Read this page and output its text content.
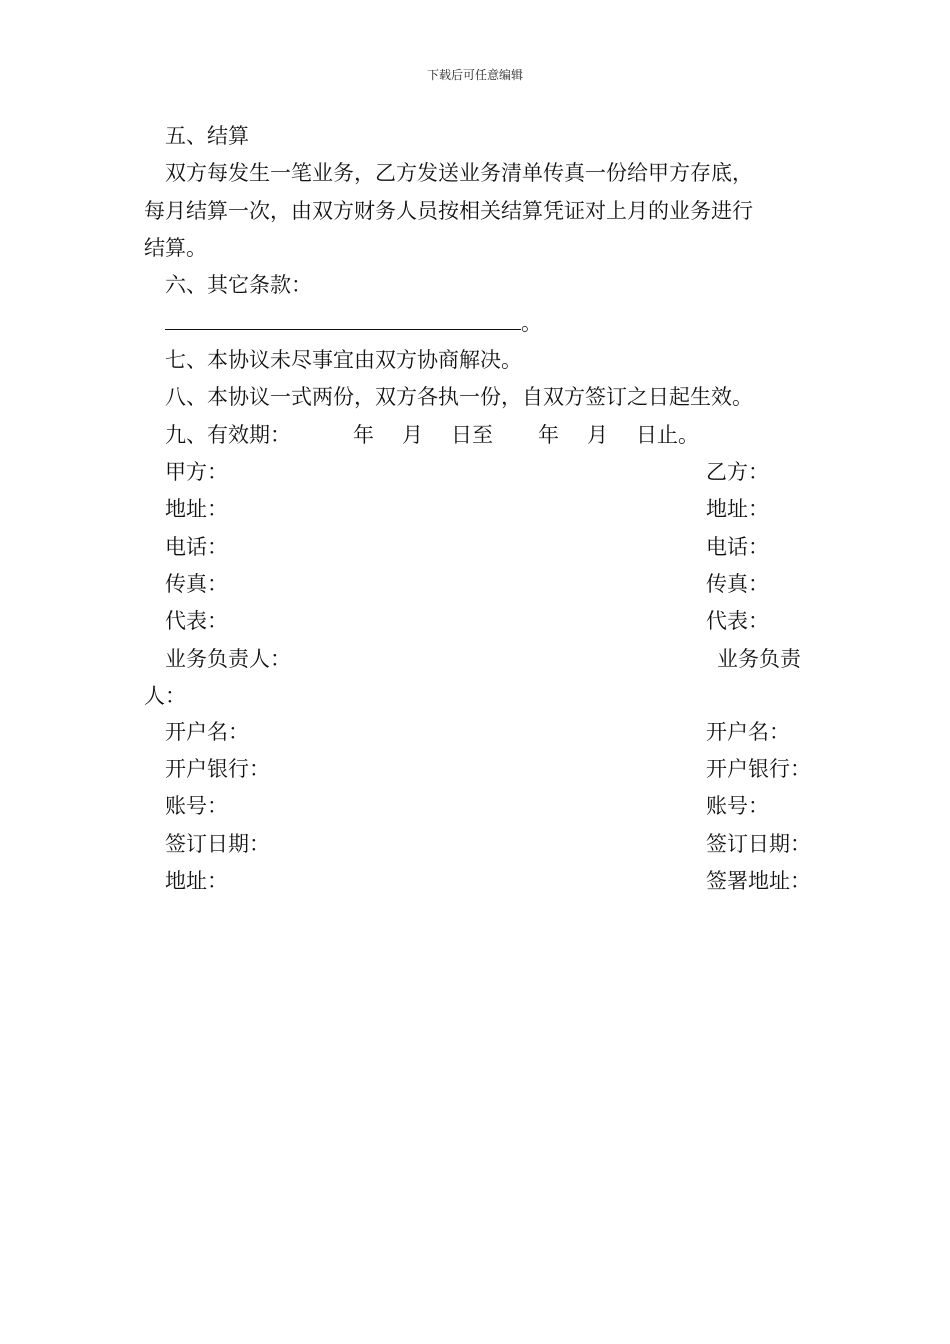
下载后可任意编辑
五、结算
双方每发生一笔业务，乙方发送业务清单传真一份给甲方存底，
每月结算一次，由双方财务人员按相关结算凭证对上月的业务进行
结算。
六、其它条款：
。
七、本协议未尽事宜由双方协商解决。
八、本协议一式两份，双方各执一份，自双方签订之日起生效。
九、有效期：	年 月 日至 年 月 日止。
甲方：	乙方：
地址：	地址：
电话：	电话：
传真：	传真：
代表：	代表：
业务负责人：	业务负责
人：
开户名：	开户名：
开户银行：	开户银行：
账号：	账号：
签订日期：	签订日期：
地址：	签署地址：
